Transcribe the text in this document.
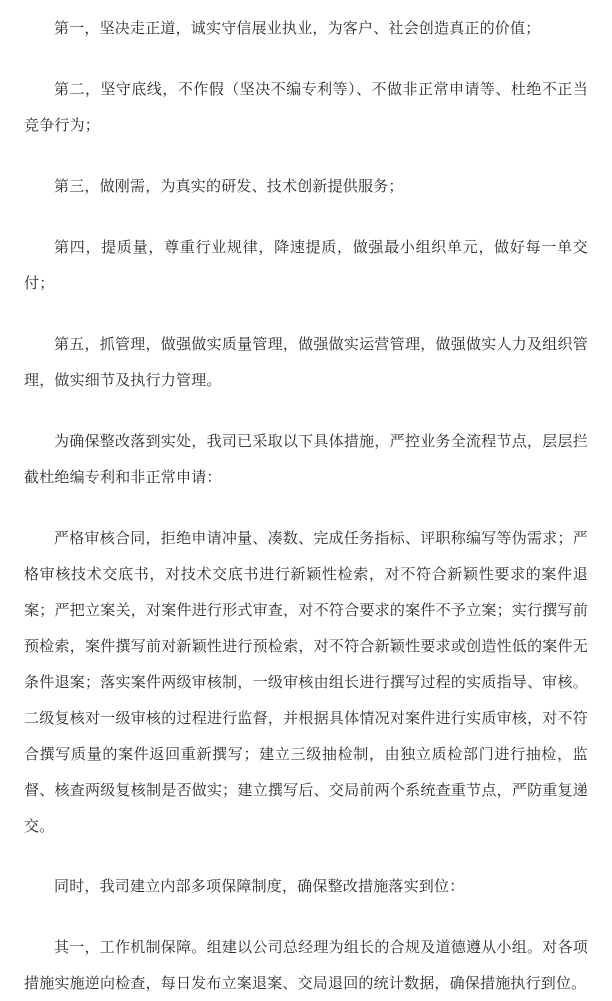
第一，坚决走正道，诚实守信展业执业，为客户、社会创造真正的价值；

第二，坚守底线，不作假（坚决不编专利等）、不做非正常申请等、杜绝不正当竞争行为；

第三，做刚需，为真实的研发、技术创新提供服务；

第四，提质量，尊重行业规律，降速提质，做强最小组织单元，做好每一单交付；

第五，抓管理，做强做实质量管理，做强做实运营管理，做强做实人力及组织管理，做实细节及执行力管理。

为确保整改落到实处，我司已采取以下具体措施，严控业务全流程节点，层层拦截杜绝编专利和非正常申请：

严格审核合同，拒绝申请冲量、凑数、完成任务指标、评职称编写等伪需求；严格审核技术交底书，对技术交底书进行新颖性检索，对不符合新颖性要求的案件退案；严把立案关，对案件进行形式审查，对不符合要求的案件不予立案；实行撰写前预检索，案件撰写前对新颖性进行预检索，对不符合新颖性要求或创造性低的案件无条件退案；落实案件两级审核制，一级审核由组长进行撰写过程的实质指导、审核。二级复核对一级审核的过程进行监督，并根据具体情况对案件进行实质审核，对不符合撰写质量的案件返回重新撰写；建立三级抽检制，由独立质检部门进行抽检，监督、核查两级复核制是否做实；建立撰写后、交局前两个系统查重节点，严防重复递交。

同时，我司建立内部多项保障制度，确保整改措施落实到位：

其一，工作机制保障。组建以公司总经理为组长的合规及道德遵从小组。对各项措施实施逆向检查，每日发布立案退案、交局退回的统计数据，确保措施执行到位。
